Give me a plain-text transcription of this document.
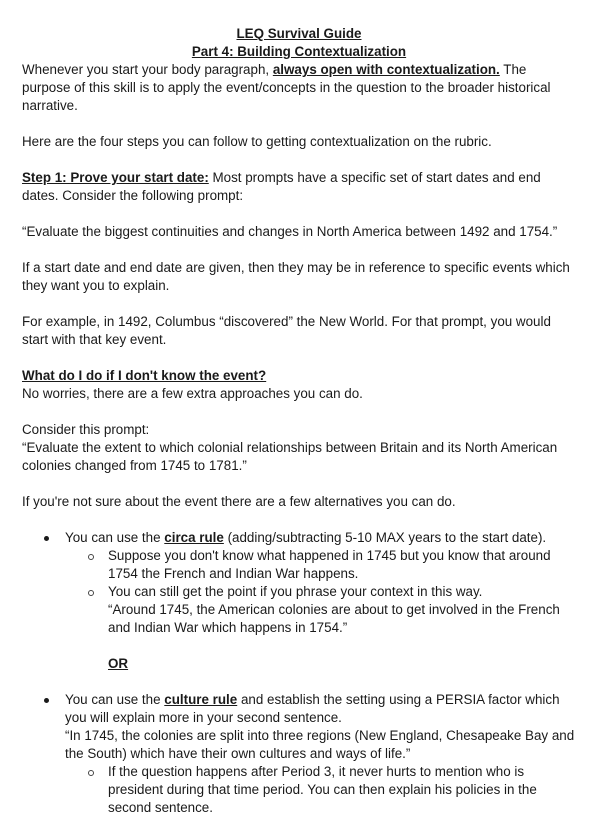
LEQ Survival Guide
Part 4: Building Contextualization

Whenever you start your body paragraph, always open with contextualization. The purpose of this skill is to apply the event/concepts in the question to the broader historical narrative.

Here are the four steps you can follow to getting contextualization on the rubric.

Step 1: Prove your start date: Most prompts have a specific set of start dates and end dates. Consider the following prompt:

“Evaluate the biggest continuities and changes in North America between 1492 and 1754.”

If a start date and end date are given, then they may be in reference to specific events which they want you to explain.

For example, in 1492, Columbus “discovered” the New World. For that prompt, you would start with that key event.

What do I do if I don't know the event?

No worries, there are a few extra approaches you can do.

Consider this prompt:

“Evaluate the extent to which colonial relationships between Britain and its North American colonies changed from 1745 to 1781.”

If you're not sure about the event there are a few alternatives you can do.

You can use the circa rule (adding/subtracting 5-10 MAX years to the start date).
Suppose you don't know what happened in 1745 but you know that around 1754 the French and Indian War happens.
You can still get the point if you phrase your context in this way.
“Around 1745, the American colonies are about to get involved in the French and Indian War which happens in 1754.”

OR

You can use the culture rule and establish the setting using a PERSIA factor which you will explain more in your second sentence.
“In 1745, the colonies are split into three regions (New England, Chesapeake Bay and the South) which have their own cultures and ways of life.”
If the question happens after Period 3, it never hurts to mention who is president during that time period. You can then explain his policies in the second sentence.
